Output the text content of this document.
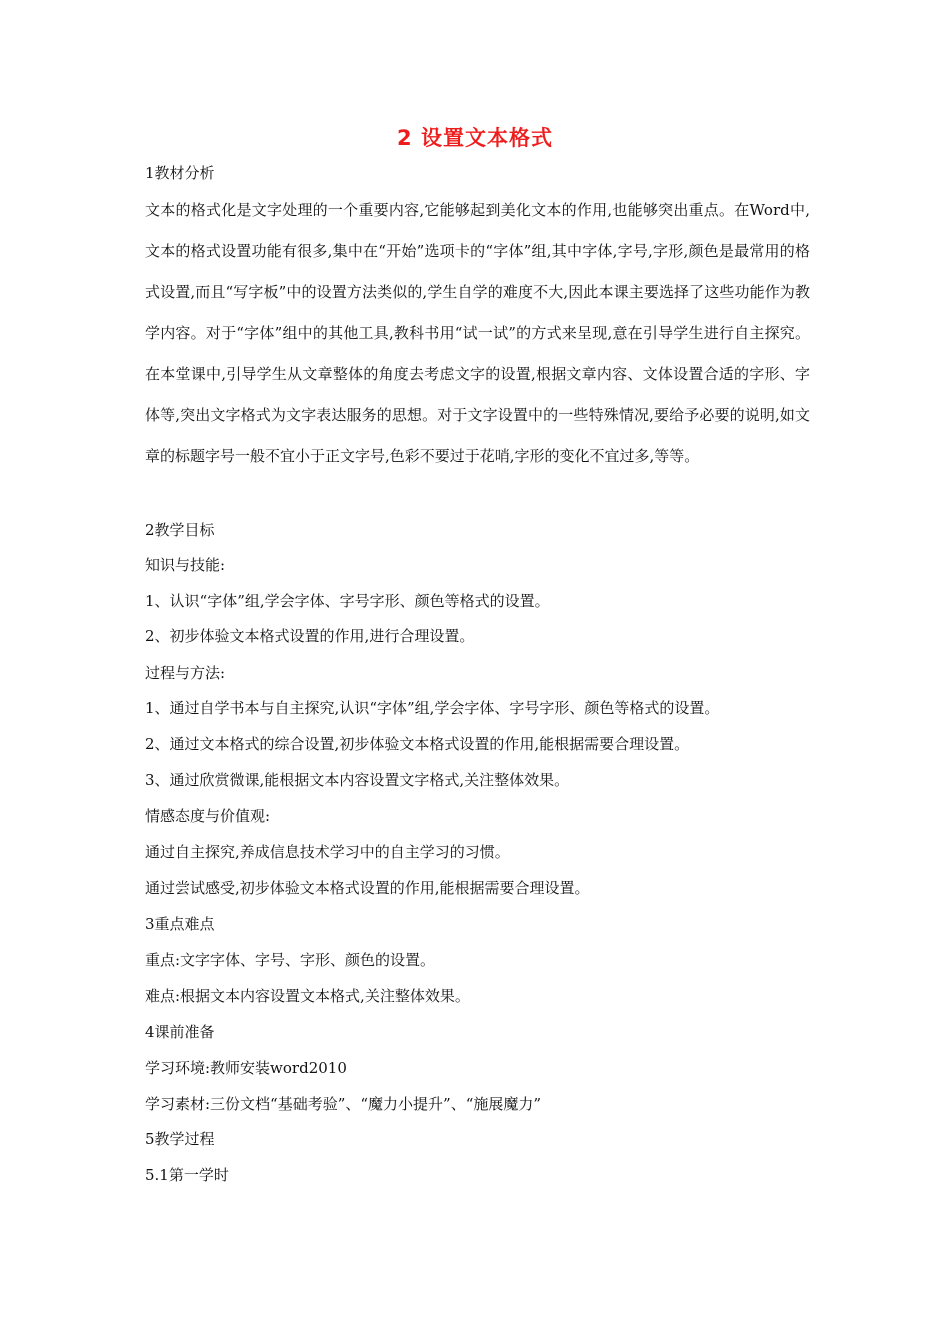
2 设置文本格式
1教材分析
文本的格式化是文字处理的一个重要内容,它能够起到美化文本的作用,也能够突出重点。在Word中,文本的格式设置功能有很多,集中在“开始”选项卡的“字体”组,其中字体,字号,字形,颜色是最常用的格式设置,而且“写字板”中的设置方法类似的,学生自学的难度不大,因此本课主要选择了这些功能作为教学内容。对于“字体”组中的其他工具,教科书用“试一试”的方式来呈现,意在引导学生进行自主探究。在本堂课中,引导学生从文章整体的角度去考虑文字的设置,根据文章内容、文体设置合适的字形、字体等,突出文字格式为文字表达服务的思想。对于文字设置中的一些特殊情况,要给予必要的说明,如文章的标题字号一般不宜小于正文字号,色彩不要过于花哨,字形的变化不宜过多,等等。
2教学目标
知识与技能:
1、认识“字体”组,学会字体、字号字形、颜色等格式的设置。
2、初步体验文本格式设置的作用,进行合理设置。
过程与方法:
1、通过自学书本与自主探究,认识“字体”组,学会字体、字号字形、颜色等格式的设置。
2、通过文本格式的综合设置,初步体验文本格式设置的作用,能根据需要合理设置。
3、通过欣赏微课,能根据文本内容设置文字格式,关注整体效果。
情感态度与价值观:
通过自主探究,养成信息技术学习中的自主学习的习惯。
通过尝试感受,初步体验文本格式设置的作用,能根据需要合理设置。
3重点难点
重点:文字字体、字号、字形、颜色的设置。
难点:根据文本内容设置文本格式,关注整体效果。
4课前准备
学习环境:教师安装word2010
学习素材:三份文档“基础考验”、“魔力小提升”、“施展魔力”
5教学过程
5.1第一学时
